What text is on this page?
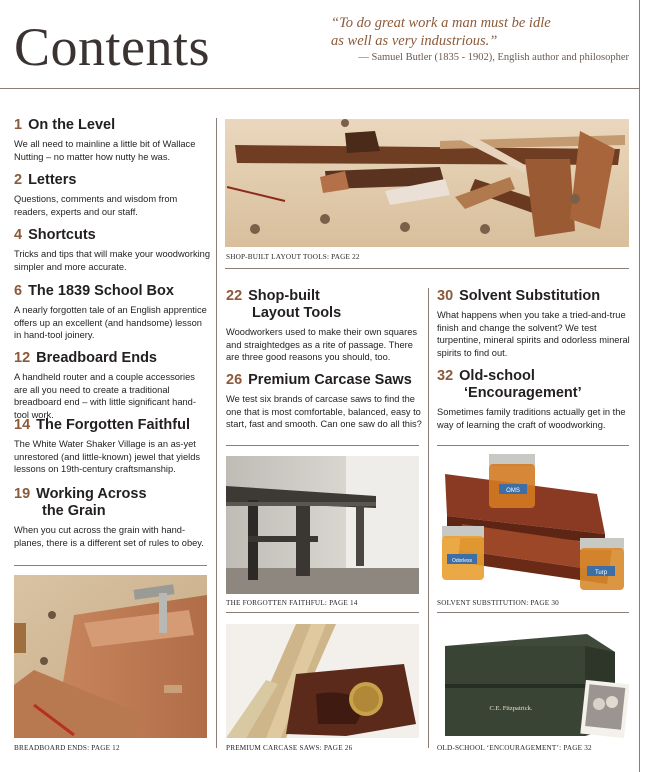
Contents	“To do great work a man must be idle
as well as very industrious.”
— Samuel Butler (1835 - 1902), English author and philosopher
1 On the Level

We all need to mainline a little bit of Wallace Nutting – no matter how nutty he was.

2 Letters

Questions, comments and wisdom from readers, experts and our staff.

4 Shortcuts

Tricks and tips that will make your woodworking simpler and more accurate.

6 The 1839 School Box

A nearly forgotten tale of an English apprentice offers up an excellent (and handsome) lesson in hand-tool joinery.

12 Breadboard Ends

A handheld router and a couple accessories are all you need to create a traditional breadboard end – with little significant hand-tool work.

14 The Forgotten Faithful

The White Water Shaker Village is an as-yet unrestored (and little-known) jewel that yields lessons on 19th-century craftsmanship.

19 Working Across
the Grain

When you cut across the grain with hand-planes, there is a different set of rules to obey.

BREADBOARD ENDS: PAGE 12
SHOP-BUILT LAYOUT TOOLS: PAGE 22
22 Shop-built
Layout Tools

Woodworkers used to make their own squares and straightedges as a rite of passage. There are three good reasons you should, too.

26 Premium Carcase Saws

We test six brands of carcase saws to find the one that is most comfortable, balanced, easy to start, fast and smooth. Can one saw do all this?

30 Solvent Substitution

What happens when you take a tried-and-true finish and change the solvent? We test turpentine, mineral spirits and odorless mineral spirits to find out.

32 Old-school
‘Encouragement’

Sometimes family traditions actually get in the way of learning the craft of woodworking.

THE FORGOTTEN FAITHFUL: PAGE 14
PREMIUM CARCASE SAWS: PAGE 26
OMS
Odorless
Turp
SOLVENT SUBSTITUTION: PAGE 30
C.E. Fitzpatrick.
OLD-SCHOOL ‘ENCOURAGEMENT’: PAGE 32
